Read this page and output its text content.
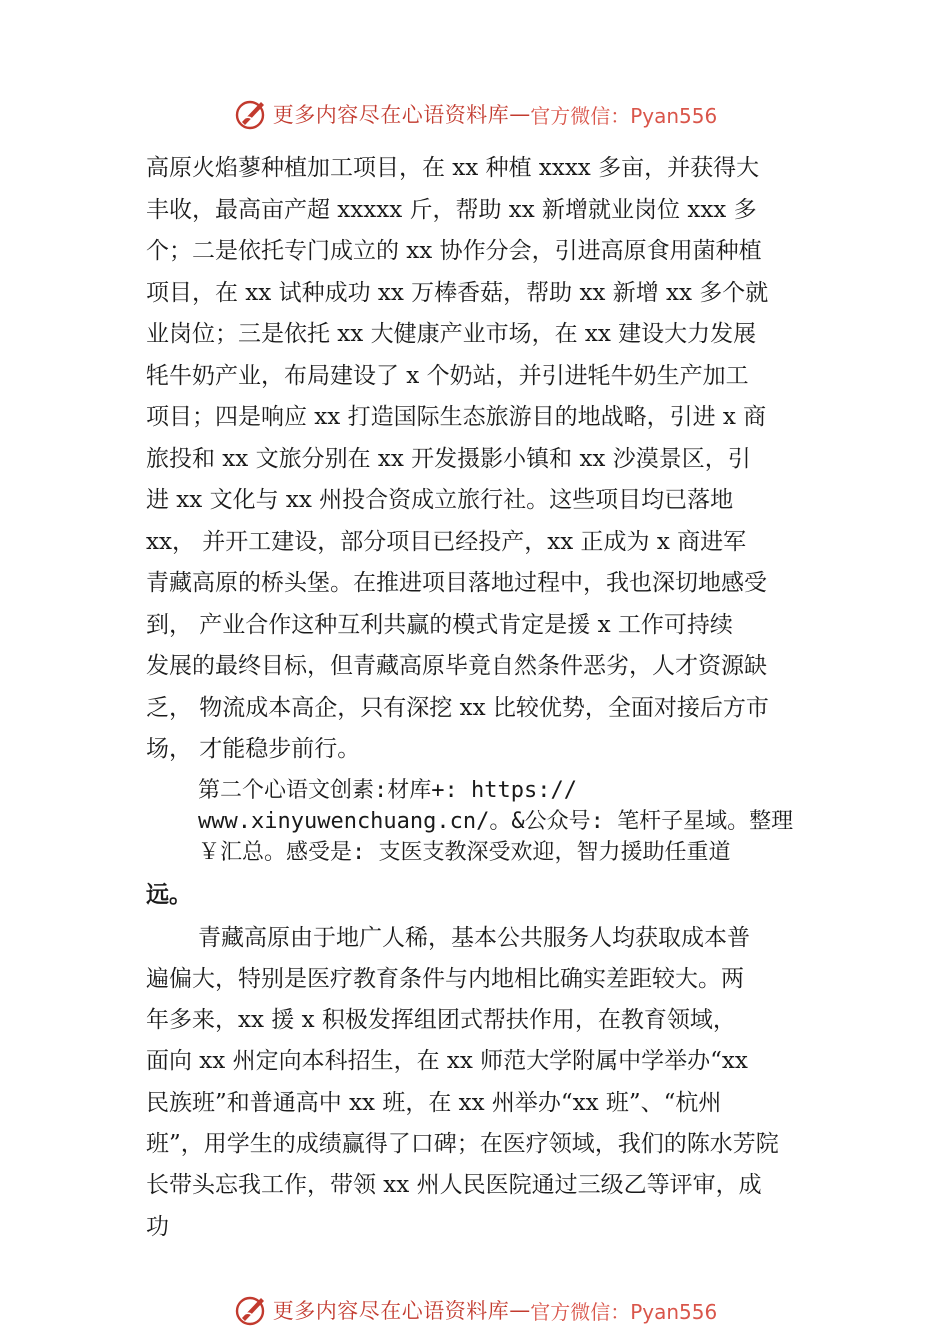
更多内容尽在心语资料库 — 官方微信：Pyan556

高原火焰蓼种植加工项目，在 xx 种植 xxxx 多亩，并获得大

丰收，最高亩产超 xxxxx 斤，帮助 xx 新增就业岗位 xxx 多

个；二是依托专门成立的 xx 协作分会，引进高原食用菌种植

项目，在 xx 试种成功 xx 万棒香菇，帮助 xx 新增 xx 多个就

业岗位；三是依托 xx 大健康产业市场，在 xx 建设大力发展

牦牛奶产业，布局建设了 x 个奶站，并引进牦牛奶生产加工

项目；四是响应 xx 打造国际生态旅游目的地战略，引进 x 商

旅投和 xx 文旅分别在 xx 开发摄影小镇和 xx 沙漠景区，引

进 xx 文化与 xx 州投合资成立旅行社。这些项目均已落地

xx， 并开工建设，部分项目已经投产，xx 正成为 x 商进军

青藏高原的桥头堡。在推进项目落地过程中，我也深切地感受

到， 产业合作这种互利共赢的模式肯定是援 x 工作可持续

发展的最终目标，但青藏高原毕竟自然条件恶劣，人才资源缺

乏， 物流成本高企，只有深挖 xx 比较优势，全面对接后方市

场， 才能稳步前行。

第二个心语文创素:材库+: https://
www.xinyuwenchuang.cn/。&公众号: 笔杆子星域。整理
￥汇总。感受是: 支医支教深受欢迎，智力援助任重道
远。

青藏高原由于地广人稀，基本公共服务人均获取成本普

遍偏大，特别是医疗教育条件与内地相比确实差距较大。两

年多来，xx 援 x 积极发挥组团式帮扶作用，在教育领域，

面向 xx 州定向本科招生，在 xx 师范大学附属中学举办“xx

民族班”和普通高中 xx 班，在 xx 州举办“xx 班”、“杭州

班”，用学生的成绩赢得了口碑；在医疗领域，我们的陈水芳院

长带头忘我工作，带领 xx 州人民医院通过三级乙等评审，成

功

更多内容尽在心语资料库 — 官方微信：Pyan556
